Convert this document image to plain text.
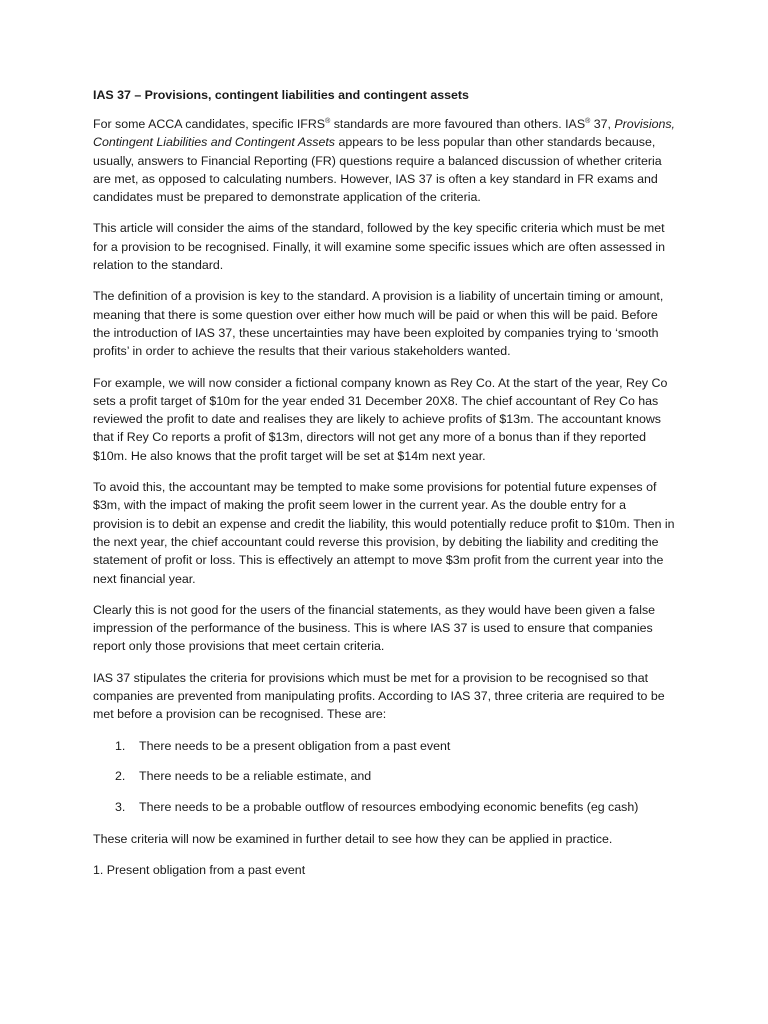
IAS 37 – Provisions, contingent liabilities and contingent assets

For some ACCA candidates, specific IFRS® standards are more favoured than others. IAS® 37, Provisions, Contingent Liabilities and Contingent Assets appears to be less popular than other standards because, usually, answers to Financial Reporting (FR) questions require a balanced discussion of whether criteria are met, as opposed to calculating numbers. However, IAS 37 is often a key standard in FR exams and candidates must be prepared to demonstrate application of the criteria.

This article will consider the aims of the standard, followed by the key specific criteria which must be met for a provision to be recognised. Finally, it will examine some specific issues which are often assessed in relation to the standard.

The definition of a provision is key to the standard. A provision is a liability of uncertain timing or amount, meaning that there is some question over either how much will be paid or when this will be paid. Before the introduction of IAS 37, these uncertainties may have been exploited by companies trying to ‘smooth profits’ in order to achieve the results that their various stakeholders wanted.

For example, we will now consider a fictional company known as Rey Co. At the start of the year, Rey Co sets a profit target of $10m for the year ended 31 December 20X8. The chief accountant of Rey Co has reviewed the profit to date and realises they are likely to achieve profits of $13m. The accountant knows that if Rey Co reports a profit of $13m, directors will not get any more of a bonus than if they reported $10m. He also knows that the profit target will be set at $14m next year.

To avoid this, the accountant may be tempted to make some provisions for potential future expenses of $3m, with the impact of making the profit seem lower in the current year. As the double entry for a provision is to debit an expense and credit the liability, this would potentially reduce profit to $10m. Then in the next year, the chief accountant could reverse this provision, by debiting the liability and crediting the statement of profit or loss. This is effectively an attempt to move $3m profit from the current year into the next financial year.

Clearly this is not good for the users of the financial statements, as they would have been given a false impression of the performance of the business. This is where IAS 37 is used to ensure that companies report only those provisions that meet certain criteria.

IAS 37 stipulates the criteria for provisions which must be met for a provision to be recognised so that companies are prevented from manipulating profits. According to IAS 37, three criteria are required to be met before a provision can be recognised. These are:

1.	There needs to be a present obligation from a past event
2.	There needs to be a reliable estimate, and
3.	There needs to be a probable outflow of resources embodying economic benefits (eg cash)

These criteria will now be examined in further detail to see how they can be applied in practice.

1. Present obligation from a past event
